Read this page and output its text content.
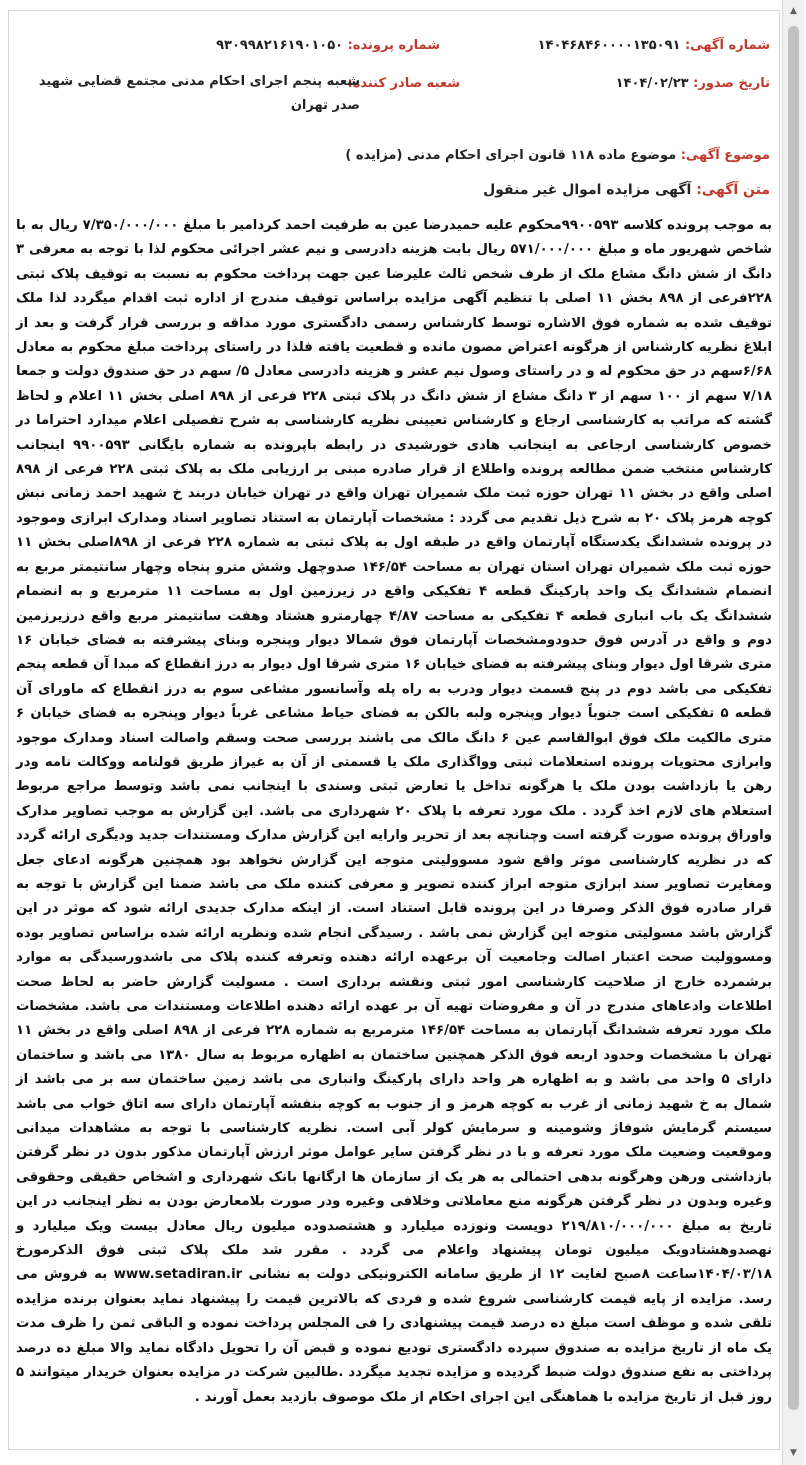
شماره آگهی: ۱۴۰۴۶۸۴۶۰۰۰۰۱۳۵۰۹۱
تاریخ صدور: ۱۴۰۴/۰۲/۲۳
شماره پرونده: ۹۳۰۹۹۸۲۱۶۱۹۰۱۰۵۰
شعبه صادر کننده:
شعبه پنجم اجرای احکام مدنی مجتمع قضایی شهید صدر تهران
موضوع آگهی: موضوع ماده ۱۱۸ قانون اجرای احکام مدنی (مزایده )
متن آگهی: آگهی مزایده اموال غیر منقول
به موجب پرونده کلاسه ۹۹۰۰۵۹۳محکوم علیه حمیدرضا عین به طرفیت احمد کردامیر با مبلغ ۷/۳۵۰/۰۰۰/۰۰۰ ریال به با شاخص شهریور ماه و مبلغ ۵۷۱/۰۰۰/۰۰۰ ریال بابت هزینه دادرسی و نیم عشر اجرائی محکوم لذا با توجه به معرفی ۳ دانگ از شش دانگ مشاع ملک از طرف شخص ثالث علیرضا عین جهت پرداخت محکوم به نسبت به توقیف پلاک ثبتی ۲۲۸فرعی از ۸۹۸ بخش ۱۱ اصلی با تنظیم آگهی مزایده براساس توقیف مندرج از اداره ثبت اقدام میگردد لذا ملک توقیف شده به شماره فوق الاشاره توسط کارشناس رسمی دادگستری مورد مداقه و بررسی قرار گرفت و بعد از ابلاغ نظریه کارشناس از هرگونه اعتراض مصون مانده و قطعیت یافته فلذا در راستای پرداخت مبلغ محکوم به معادل ۶/۶۸سهم در حق محکوم له و در راستای وصول نیم عشر و هزینه دادرسی معادل ۵/ سهم در حق صندوق دولت و جمعا ۷/۱۸ سهم از ۱۰۰ سهم از ۳ دانگ مشاع از شش دانگ در پلاک ثبتی ۲۲۸ فرعی از ۸۹۸ اصلی بخش ۱۱ اعلام و لحاظ گشته که مراتب به کارشناسی ارجاع و کارشناس تعیینی نظریه کارشناسی به شرح تفصیلی اعلام میدارد احتراما در خصوص کارشناسی ارجاعی به اینجانب هادی خورشیدی در رابطه باپرونده به شماره بایگانی ۹۹۰۰۵۹۳ اینجانب کارشناس منتخب ضمن مطالعه پرونده واطلاع از قرار صادره مبنی بر ارزیابی ملک به پلاک ثبتی ۲۲۸ فرعی از ۸۹۸ اصلی واقع در بخش ۱۱ تهران حوزه ثبت ملک شمیران تهران واقع در تهران خیابان دربند خ شهید احمد زمانی نبش کوچه هرمز پلاک ۲۰ به شرح ذیل تقدیم می گردد : مشخصات آپارتمان به استناد تصاویر اسناد ومدارک ابرازی وموجود در پرونده ششدانگ یکدستگاه آپارتمان واقع در طبقه اول به پلاک ثبتی به شماره ۲۲۸ فرعی از ۸۹۸اصلی بخش ۱۱ حوزه ثبت ملک شمیران تهران استان تهران به مساحت ۱۴۶/۵۴ صدوچهل وشش مترو پنجاه وچهار سانتیمتر مربع به انضمام ششدانگ یک واحد پارکینگ قطعه ۴ تفکیکی واقع در زیرزمین اول به مساحت ۱۱ مترمربع و به انضمام ششدانگ یک باب انباری قطعه ۴ تفکیکی به مساحت ۴/۸۷ چهارمترو هشتاد وهفت سانتیمتر مربع واقع درزیرزمین دوم و واقع در آدرس فوق حدودومشخصات آپارتمان فوق شمالا دیوار وپنجره وبنای پیشرفته به فضای خیابان ۱۶ متری شرقا اول دیوار وبنای پیشرفته به فضای خیابان ۱۶ متری شرقا اول دیوار به درز انقطاع که مبدا آن قطعه پنجم تفکیکی می باشد دوم در پنج قسمت دیوار ودرب به راه پله وآسانسور مشاعی سوم به درز انقطاع که ماورای آن قطعه ۵ تفکیکی است جنوباً دیوار وپنجره ولبه بالکن به فضای حیاط مشاعی غرباً دیوار وپنجره به فضای خیابان ۶ متری مالکیت ملک فوق ابوالقاسم عین ۶ دانگ مالک می باشند بررسی صحت وسقم واصالت اسناد ومدارک موجود وابرازی محتویات پرونده استعلامات ثبتی وواگذاری ملک یا قسمتی از آن به غیراز طریق قولنامه ووکالت نامه ودر رهن یا بازداشت بودن ملک یا هرگونه تداخل یا تعارض ثبتی وسندی با اینجانب نمی باشد وتوسط مراجع مربوط استعلام های لازم اخذ گردد . ملک مورد تعرفه با پلاک ۲۰ شهرداری می باشد. این گزارش به موجب تصاویر مدارک واوراق پرونده صورت گرفته است وچنانچه بعد از تحریر وارایه این گزارش مدارک ومستندات جدید ودیگری ارائه گردد که در نظریه کارشناسی موثر واقع شود مسوولیتی متوجه این گزارش نخواهد بود همچنین هرگونه ادعای جعل ومغایرت تصاویر سند ابرازی متوجه ابراز کننده تصویر و معرفی کننده ملک می باشد ضمنا این گزارش با توجه به قرار صادره فوق الذکر وصرفا در این پرونده قابل استناد است. از اینکه مدارک جدیدی ارائه شود که موثر در این گزارش باشد مسولیتی متوجه این گزارش نمی باشد . رسیدگی انجام شده ونظریه ارائه شده براساس تصاویر بوده ومسوولیت صحت اعتبار اصالت وجامعیت آن برعهده ارائه دهنده وتعرفه کننده پلاک می باشدورسیدگی به موارد برشمرده خارج از صلاحیت کارشناسی امور ثبتی ونقشه برداری است . مسولیت گزارش حاضر به لحاظ صحت اطلاعات وادعاهای مندرج در آن و مفروضات تهیه آن بر عهده ارائه دهنده اطلاعات ومستندات می باشد. مشخصات ملک مورد تعرفه ششدانگ آپارتمان به مساحت ۱۴۶/۵۴ مترمربع به شماره ۲۲۸ فرعی از ۸۹۸ اصلی واقع در بخش ۱۱ تهران با مشخصات وحدود اربعه فوق الذکر همچنین ساختمان به اظهاره مربوط به سال ۱۳۸۰ می باشد و ساختمان دارای ۵ واحد می باشد و به اظهاره هر واحد دارای پارکینگ وانباری می باشد زمین ساختمان سه بر می باشد از شمال به خ شهید زمانی از غرب به کوچه هرمز و از جنوب به کوچه بنفشه آپارتمان دارای سه اتاق خواب می باشد سیستم گرمایش شوفاژ وشومینه و سرمایش کولر آبی است. نظریه کارشناسی با توجه به مشاهدات میدانی وموقعیت وضعیت ملک مورد تعرفه و با در نظر گرفتن سایر عوامل موثر ارزش آپارتمان مذکور بدون در نظر گرفتن بازداشتی ورهن وهرگونه بدهی احتمالی به هر یک از سازمان ها ارگانها بانک شهرداری و اشخاص حقیقی وحقوقی وغیره وبدون در نظر گرفتن هرگونه منع معاملاتی وخلافی وغیره ودر صورت بلامعارض بودن به نظر اینجانب در این تاریخ به مبلغ ۲۱۹/۸۱۰/۰۰۰/۰۰۰ دویست ونوزده میلیارد و هشتصدوده میلیون ریال معادل بیست ویک میلیارد و نهصدوهشتادویک میلیون تومان پیشنهاد واعلام می گردد . مقرر شد ملک پلاک ثبتی فوق الذکرمورخ ۱۴۰۴/۰۳/۱۸ساعت ۸صبح لغایت ۱۲ از طریق سامانه الکترونیکی دولت به نشانی www.setadiran.ir به فروش می رسد. مزایده از پایه قیمت کارشناسی شروع شده و فردی که بالاترین قیمت را پیشنهاد نماید بعنوان برنده مزایده تلقی شده و موظف است مبلغ ده درصد قیمت پیشنهادی را فی المجلس پرداخت نموده و الباقی ثمن را ظرف مدت یک ماه از تاریخ مزایده به صندوق سپرده دادگستری تودیع نموده و قبض آن را تحویل دادگاه نماید والا مبلغ ده درصد پرداختی به نفع صندوق دولت ضبط گردیده و مزایده تجدید میگردد .طالبین شرکت در مزایده بعنوان خریدار میتوانند ۵ روز قبل از تاریخ مزایده با هماهنگی این اجرای احکام از ملک موصوف بازدید بعمل آورند .
▲
▼
